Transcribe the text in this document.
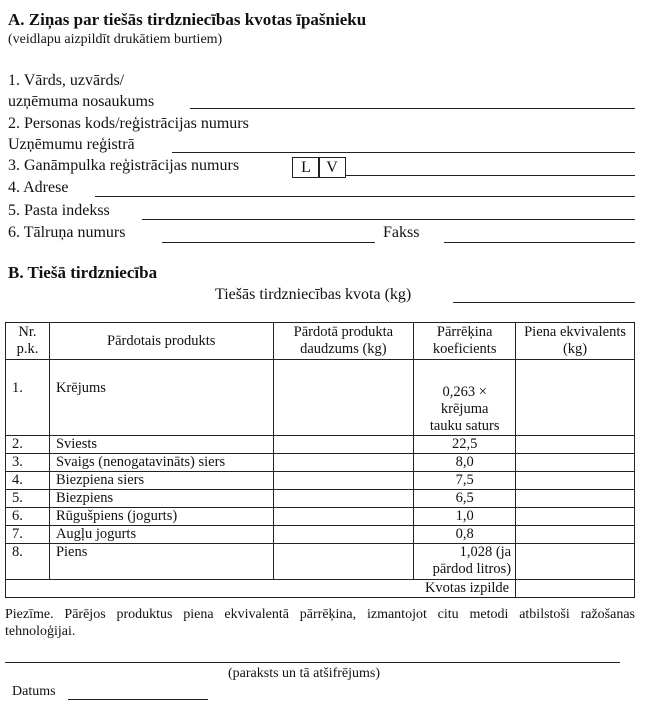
A. Ziņas par tiešās tirdzniecības kvotas īpašnieku
(veidlapu aizpildīt drukātiem burtiem)
1. Vārds, uzvārds/
uzņēmuma nosaukums
2. Personas kods/reģistrācijas numurs
Uzņēmumu reģistrā
3. Ganāmpulka reģistrācijas numurs	L V
4. Adrese
5. Pasta indekss
6. Tālruņa numurs	Fakss
B. Tiešā tirdzniecība
Tiešās tirdzniecības kvota (kg)
Nr. p.k.	Pārdotais produkts	Pārdotā produkta daudzums (kg)	Pārrēķina koeficients	Piena ekvivalents (kg)
1.	Krējums		0,263 × krējuma tauku saturs	
2.	Sviests		22,5	
3.	Svaigs (nenogatavināts) siers		8,0	
4.	Biezpiena siers		7,5	
5.	Biezpiens		6,5	
6.	Rūgušpiens (jogurts)		1,0	
7.	Augļu jogurts		0,8	
8.	Piens		1,028 (ja pārdod litros)	
Kvotas izpilde				
Piezīme. Pārējos produktus piena ekvivalentā pārrēķina, izmantojot citu metodi atbilstoši ražošanas tehnoloģijai.
(paraksts un tā atšifrējums)
Datums
